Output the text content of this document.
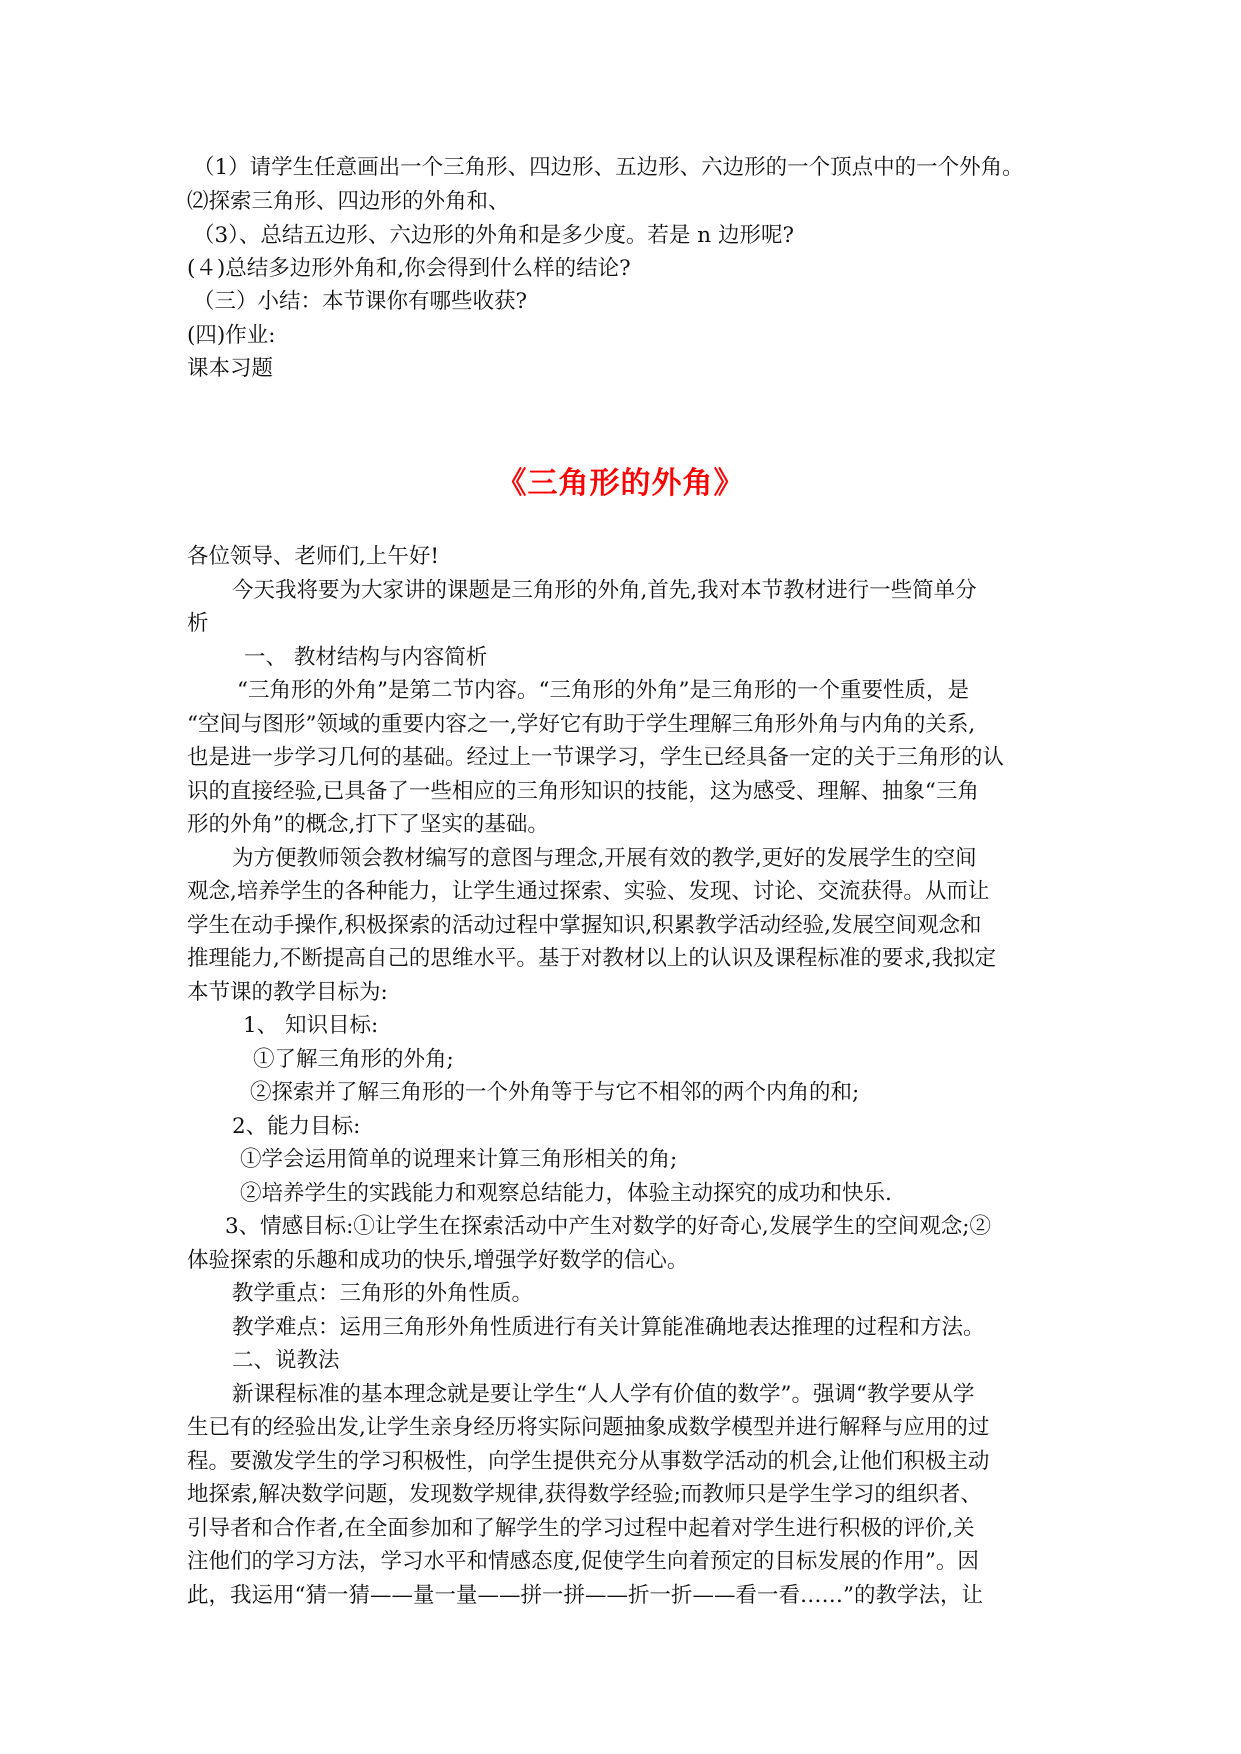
（1）请学生任意画出一个三角形、四边形、五边形、六边形的一个顶点中的一个外角。
⑵探索三角形、四边形的外角和、
（3）、总结五边形、六边形的外角和是多少度。若是 n 边形呢?
(４)总结多边形外角和,你会得到什么样的结论?
（三）小结：本节课你有哪些收获?
(四)作业:
课本习题
《三角形的外角》
各位领导、老师们,上午好!
今天我将要为大家讲的课题是三角形的外角,首先,我对本节教材进行一些简单分
析
一、 教材结构与内容简析
“三角形的外角”是第二节内容。“三角形的外角”是三角形的一个重要性质，是
“空间与图形”领域的重要内容之一,学好它有助于学生理解三角形外角与内角的关系,
也是进一步学习几何的基础。经过上一节课学习，学生已经具备一定的关于三角形的认
识的直接经验,已具备了一些相应的三角形知识的技能，这为感受、理解、抽象“三角
形的外角”的概念,打下了坚实的基础。
为方便教师领会教材编写的意图与理念,开展有效的教学,更好的发展学生的空间
观念,培养学生的各种能力，让学生通过探索、实验、发现、讨论、交流获得。从而让
学生在动手操作,积极探索的活动过程中掌握知识,积累教学活动经验,发展空间观念和
推理能力,不断提高自己的思维水平。基于对教材以上的认识及课程标准的要求,我拟定
本节课的教学目标为:
1、 知识目标:
①了解三角形的外角;
②探索并了解三角形的一个外角等于与它不相邻的两个内角的和;
2、能力目标:
①学会运用简单的说理来计算三角形相关的角;
②培养学生的实践能力和观察总结能力，体验主动探究的成功和快乐.
3、情感目标:①让学生在探索活动中产生对数学的好奇心,发展学生的空间观念;②
体验探索的乐趣和成功的快乐,增强学好数学的信心。
教学重点：三角形的外角性质。
教学难点：运用三角形外角性质进行有关计算能准确地表达推理的过程和方法。
二、说教法
新课程标准的基本理念就是要让学生“人人学有价值的数学”。强调“教学要从学
生已有的经验出发,让学生亲身经历将实际问题抽象成数学模型并进行解释与应用的过
程。要激发学生的学习积极性，向学生提供充分从事数学活动的机会,让他们积极主动
地探索,解决数学问题，发现数学规律,获得数学经验;而教师只是学生学习的组织者、
引导者和合作者,在全面参加和了解学生的学习过程中起着对学生进行积极的评价,关
注他们的学习方法，学习水平和情感态度,促使学生向着预定的目标发展的作用”。因
此，我运用“猜一猜——量一量——拼一拼——折一折——看一看……”的教学法，让
